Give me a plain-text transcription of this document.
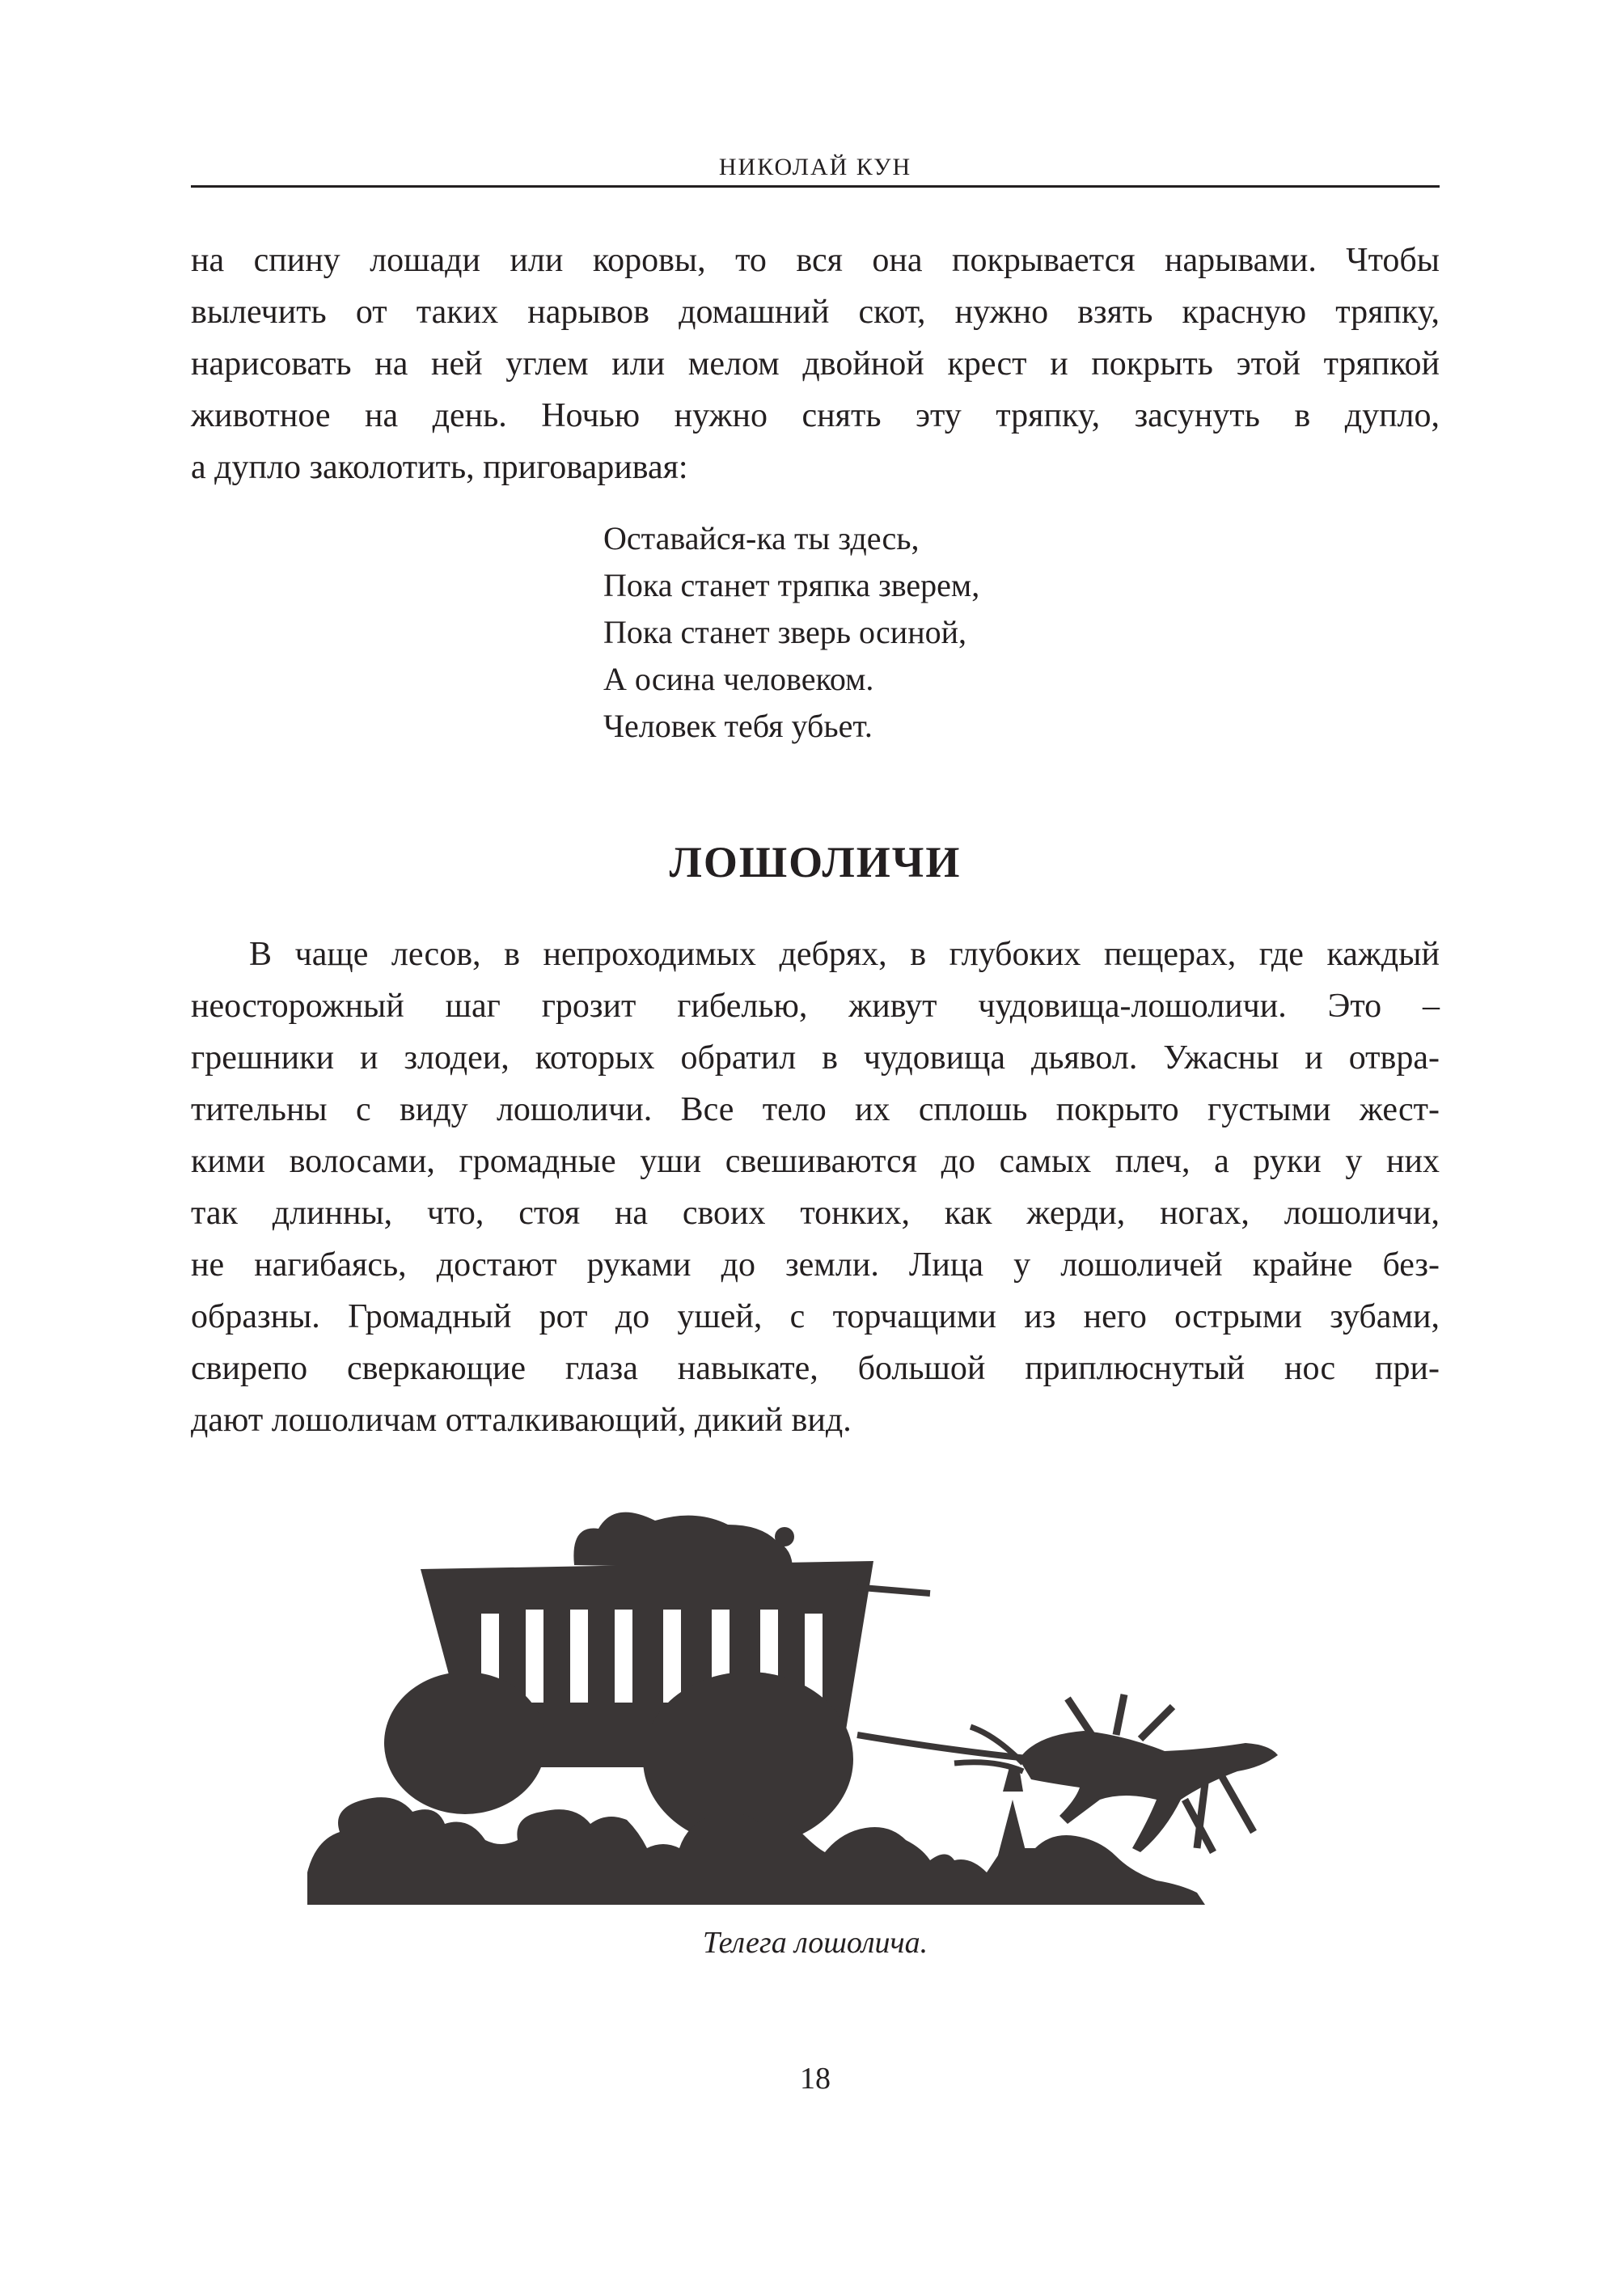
НИКОЛАЙ КУН
на спину лошади или коровы, то вся она покрывается нарывами. Чтобы
вылечить от таких нарывов домашний скот, нужно взять красную тряпку,
нарисовать на ней углем или мелом двойной крест и покрыть этой тряпкой
животное на день. Ночью нужно снять эту тряпку, засунуть в дупло,
а дупло заколотить, приговаривая:
Оставайся-ка ты здесь,
Пока станет тряпка зверем,
Пока станет зверь осиной,
А осина человеком.
Человек тебя убьет.
ЛОШОЛИЧИ
В чаще лесов, в непроходимых дебрях, в глубоких пещерах, где каждый
неосторожный шаг грозит гибелью, живут чудовища-лошоличи. Это –
грешники и злодеи, которых обратил в чудовища дьявол. Ужасны и отвра-
тительны с виду лошоличи. Все тело их сплошь покрыто густыми жест-
кими волосами, громадные уши свешиваются до самых плеч, а руки у них
так длинны, что, стоя на своих тонких, как жерди, ногах, лошоличи,
не нагибаясь, достают руками до земли. Лица у лошоличей крайне без-
образны. Громадный рот до ушей, с торчащими из него острыми зубами,
свирепо сверкающие глаза навыкате, большой приплюснутый нос при-
дают лошоличам отталкивающий, дикий вид.
Телега лошолича.
18
